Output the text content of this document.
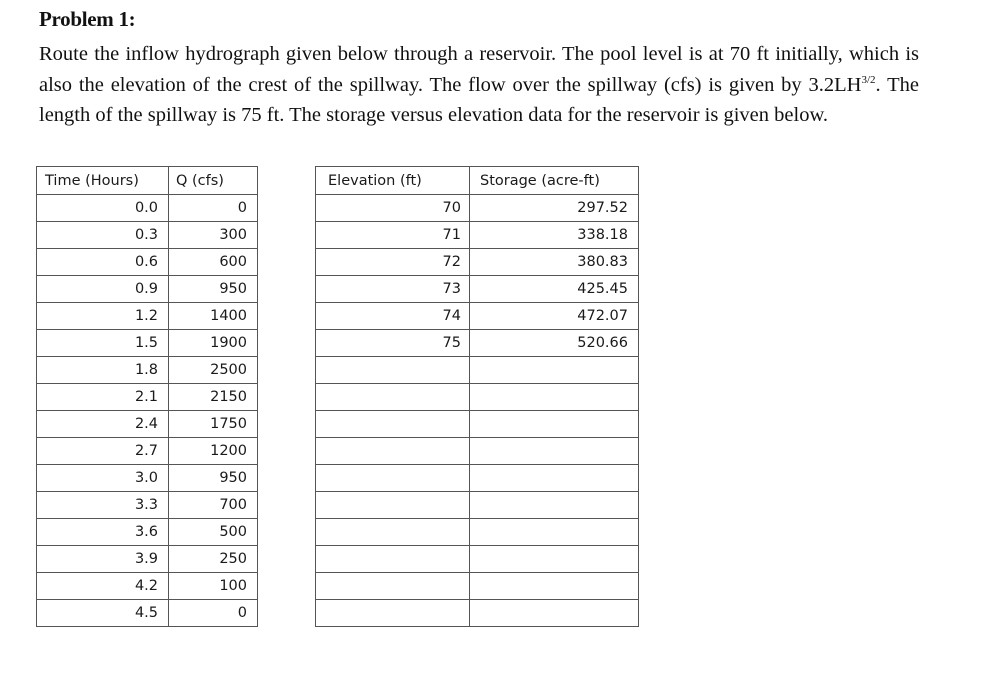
Problem 1:

Route the inflow hydrograph given below through a reservoir. The pool level is at 70 ft initially, which is also the elevation of the crest of the spillway. The flow over the spillway (cfs) is given by $3.2LH^{3/2}$. The length of the spillway is 75 ft. The storage versus elevation data for the reservoir is given below.

Time (Hours)	Q (cfs)
0.0	0
0.3	300
0.6	600
0.9	950
1.2	1400
1.5	1900
1.8	2500
2.1	2150
2.4	1750
2.7	1200
3.0	950
3.3	700
3.6	500
3.9	250
4.2	100
4.5	0
Elevation (ft)	Storage (acre-ft)
70	297.52
71	338.18
72	380.83
73	425.45
74	472.07
75	520.66
